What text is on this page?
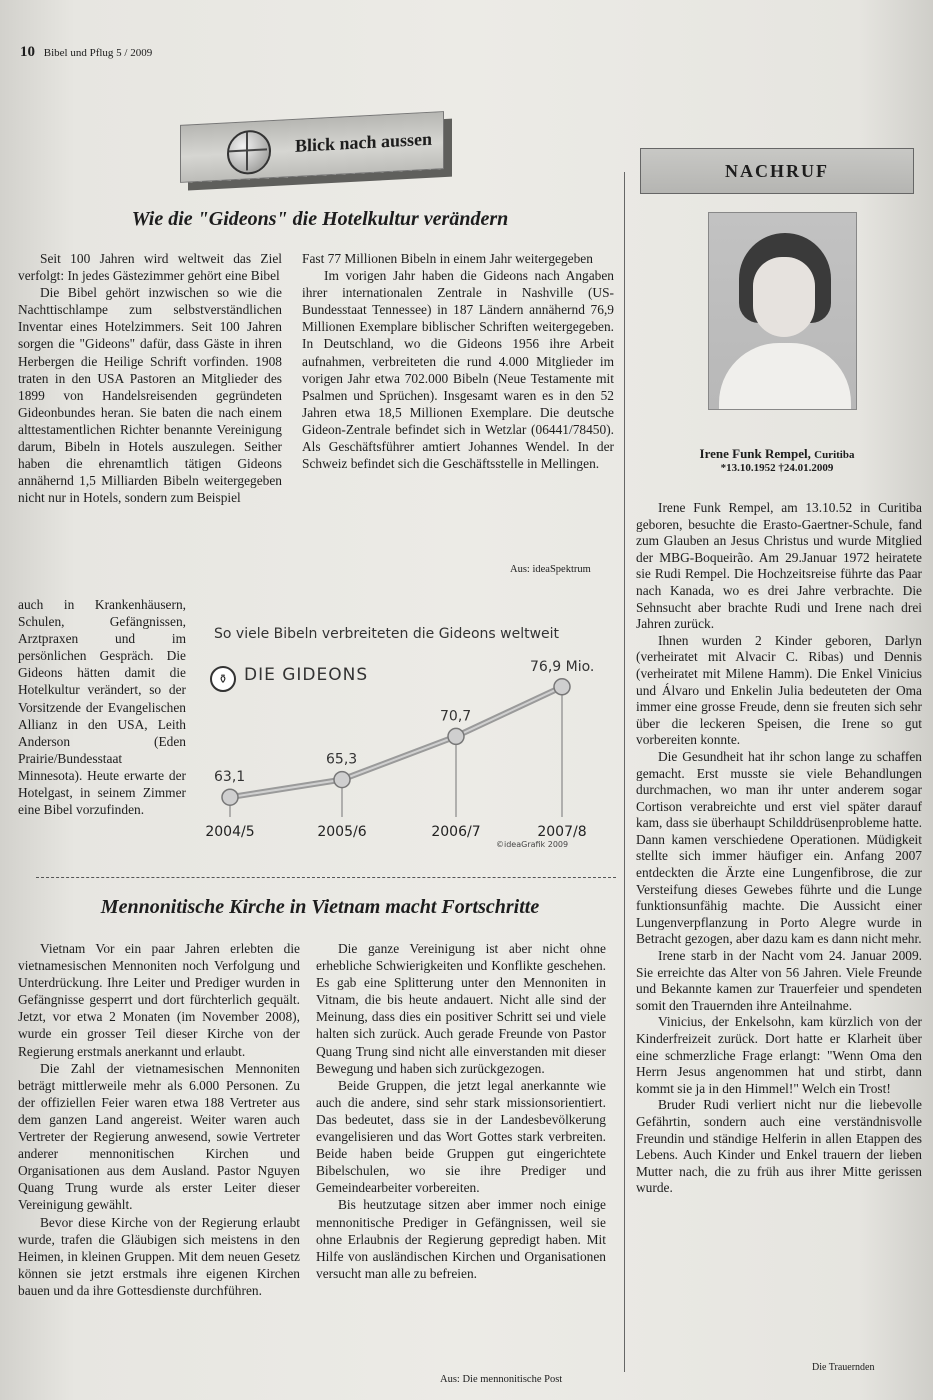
10 Bibel und Pflug 5 / 2009
Blick nach aussen
Wie die "Gideons" die Hotelkultur verändern

Seit 100 Jahren wird weltweit das Ziel verfolgt: In jedes Gästezimmer gehört eine Bibel

Die Bibel gehört inzwischen so wie die Nachttischlampe zum selbstverständlichen Inventar eines Hotelzimmers. Seit 100 Jahren sorgen die "Gideons" dafür, dass Gäste in ihren Herbergen die Heilige Schrift vorfinden. 1908 traten in den USA Pastoren an Mitglieder des 1899 von Handelsreisenden gegründeten Gideonbundes heran. Sie baten die nach einem alttestamentlichen Richter benannte Vereinigung darum, Bibeln in Hotels auszulegen. Seither haben die ehrenamtlich tätigen Gideons annähernd 1,5 Milliarden Bibeln weitergegeben nicht nur in Hotels, sondern zum Beispiel

auch in Krankenhäusern, Schulen, Gefängnissen, Arztpraxen und im persönlichen Gespräch. Die Gideons hätten damit die Hotelkultur verändert, so der Vorsitzende der Evangelischen Allianz in den USA, Leith Anderson (Eden Prairie/Bundesstaat Minnesota). Heute erwarte der Hotelgast, in seinem Zimmer eine Bibel vorzufinden.

Fast 77 Millionen Bibeln in einem Jahr weitergegeben

Im vorigen Jahr haben die Gideons nach Angaben ihrer internationalen Zentrale in Nashville (US-Bundesstaat Tennessee) in 187 Ländern annähernd 76,9 Millionen Exemplare biblischer Schriften weitergegeben. In Deutschland, wo die Gideons 1956 ihre Arbeit aufnahmen, verbreiteten die rund 4.000 Mitglieder im vorigen Jahr etwa 702.000 Bibeln (Neue Testamente mit Psalmen und Sprüchen). Insgesamt waren es in den 52 Jahren etwa 18,5 Millionen Exemplare. Die deutsche Gideon-Zentrale befindet sich in Wetzlar (06441/78450). Als Geschäftsführer amtiert Johannes Wendel. In der Schweiz befindet sich die Geschäftsstelle in Mellingen.

Aus: ideaSpektrum
So viele Bibeln verbreiteten die Gideons weltweit
⚱ DIE GIDEONS
63,1
2004/5
65,3
2005/6
70,7
2006/7
76,9 Mio.
2007/8
©ideaGrafik 2009
Mennonitische Kirche in Vietnam macht Fortschritte

Vietnam Vor ein paar Jahren erlebten die vietnamesischen Mennoniten noch Verfolgung und Unterdrückung. Ihre Leiter und Prediger wurden in Gefängnisse gesperrt und dort fürchterlich gequält. Jetzt, vor etwa 2 Monaten (im November 2008), wurde ein grosser Teil dieser Kirche von der Regierung erstmals anerkannt und erlaubt.

Die Zahl der vietnamesischen Mennoniten beträgt mittlerweile mehr als 6.000 Personen. Zu der offiziellen Feier waren etwa 188 Vertreter aus dem ganzen Land angereist. Weiter waren auch Vertreter der Regierung anwesend, sowie Vertreter anderer mennonitischen Kirchen und Organisationen aus dem Ausland. Pastor Nguyen Quang Trung wurde als erster Leiter dieser Vereinigung gewählt.

Bevor diese Kirche von der Regierung erlaubt wurde, trafen die Gläubigen sich meistens in den Heimen, in kleinen Gruppen. Mit dem neuen Gesetz können sie jetzt erstmals ihre eigenen Kirchen bauen und da ihre Gottesdienste durchführen.

Die ganze Vereinigung ist aber nicht ohne erhebliche Schwierigkeiten und Konflikte geschehen. Es gab eine Splitterung unter den Mennoniten in Vitnam, die bis heute andauert. Nicht alle sind der Meinung, dass dies ein positiver Schritt sei und viele halten sich zurück. Auch gerade Freunde von Pastor Quang Trung sind nicht alle einverstanden mit dieser Bewegung und haben sich zurückgezogen.

Beide Gruppen, die jetzt legal anerkannte wie auch die andere, sind sehr stark missionsorientiert. Das bedeutet, dass sie in der Landesbevölkerung evangelisieren und das Wort Gottes stark verbreiten. Beide haben beide Gruppen gut eingerichtete Bibelschulen, wo sie ihre Prediger und Gemeindearbeiter vorbereiten.

Bis heutzutage sitzen aber immer noch einige mennonitische Prediger in Gefängnissen, weil sie ohne Erlaubnis der Regierung gepredigt haben. Mit Hilfe von ausländischen Kirchen und Organisationen versucht man alle zu befreien.

Aus: Die mennonitische Post
NACHRUF
Irene Funk Rempel, Curitiba
*13.10.1952 †24.01.2009

Irene Funk Rempel, am 13.10.52 in Curitiba geboren, besuchte die Erasto-Gaertner-Schule, fand zum Glauben an Jesus Christus und wurde Mitglied der MBG-Boqueirão. Am 29.Januar 1972 heiratete sie Rudi Rempel. Die Hochzeitsreise führte das Paar nach Kanada, wo es drei Jahre verbrachte. Die Sehnsucht aber brachte Rudi und Irene nach drei Jahren zurück.

Ihnen wurden 2 Kinder geboren, Darlyn (verheiratet mit Alvacir C. Ribas) und Dennis (verheiratet mit Milene Hamm). Die Enkel Vinicius und Álvaro und Enkelin Julia bedeuteten der Oma immer eine grosse Freude, denn sie freuten sich sehr über die leckeren Speisen, die Irene so gut vorbereiten konnte.

Die Gesundheit hat ihr schon lange zu schaffen gemacht. Erst musste sie viele Behandlungen durchmachen, wo man ihr unter anderem sogar Cortison verabreichte und erst viel später darauf kam, dass sie überhaupt Schilddrüsenprobleme hatte. Dann kamen verschiedene Operationen. Müdigkeit stellte sich immer häufiger ein. Anfang 2007 entdeckten die Ärzte eine Lungenfibrose, die zur Versteifung dieses Gewebes führte und die Lunge funktionsunfähig machte. Die Aussicht einer Lungenverpflanzung in Porto Alegre wurde in Betracht gezogen, aber dazu kam es dann nicht mehr.

Irene starb in der Nacht vom 24. Januar 2009. Sie erreichte das Alter von 56 Jahren. Viele Freunde und Bekannte kamen zur Trauerfeier und spendeten somit den Trauernden ihre Anteilnahme.

Vinicius, der Enkelsohn, kam kürzlich von der Kinderfreizeit zurück. Dort hatte er Klarheit über eine schmerzliche Frage erlangt: "Wenn Oma den Herrn Jesus angenommen hat und stirbt, dann kommt sie ja in den Himmel!" Welch ein Trost!

Bruder Rudi verliert nicht nur die liebevolle Gefährtin, sondern auch eine verständnisvolle Freundin und ständige Helferin in allen Etappen des Lebens. Auch Kinder und Enkel trauern der lieben Mutter nach, die zu früh aus ihrer Mitte gerissen wurde.

Die Trauernden
